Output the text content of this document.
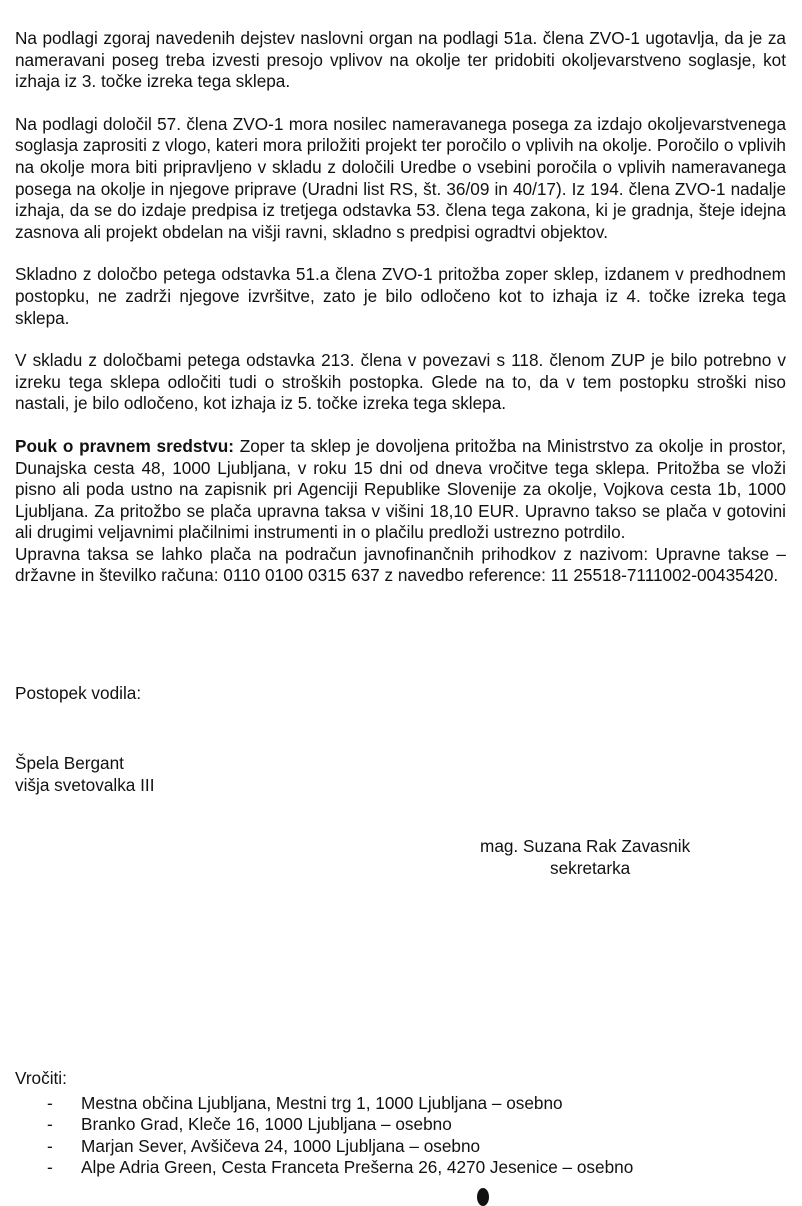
Na podlagi zgoraj navedenih dejstev naslovni organ na podlagi 51a. člena ZVO-1 ugotavlja, da je za nameravani poseg treba izvesti presojo vplivov na okolje ter pridobiti okoljevarstveno soglasje, kot izhaja iz 3. točke izreka tega sklepa.

Na podlagi določil 57. člena ZVO-1 mora nosilec nameravanega posega za izdajo okoljevarstvenega soglasja zaprositi z vlogo, kateri mora priložiti projekt ter poročilo o vplivih na okolje. Poročilo o vplivih na okolje mora biti pripravljeno v skladu z določili Uredbe o vsebini poročila o vplivih nameravanega posega na okolje in njegove priprave (Uradni list RS, št. 36/09 in 40/17). Iz 194. člena ZVO-1 nadalje izhaja, da se do izdaje predpisa iz tretjega odstavka 53. člena tega zakona, ki je gradnja, šteje idejna zasnova ali projekt obdelan na višji ravni, skladno s predpisi ogradtvi objektov.

Skladno z določbo petega odstavka 51.a člena ZVO-1 pritožba zoper sklep, izdanem v predhodnem postopku, ne zadrži njegove izvršitve, zato je bilo odločeno kot to izhaja iz 4. točke izreka tega sklepa.

V skladu z določbami petega odstavka 213. člena v povezavi s 118. členom ZUP je bilo potrebno v izreku tega sklepa odločiti tudi o stroških postopka. Glede na to, da v tem postopku stroški niso nastali, je bilo odločeno, kot izhaja iz 5. točke izreka tega sklepa.

Pouk o pravnem sredstvu: Zoper ta sklep je dovoljena pritožba na Ministrstvo za okolje in prostor, Dunajska cesta 48, 1000 Ljubljana, v roku 15 dni od dneva vročitve tega sklepa. Pritožba se vloži pisno ali poda ustno na zapisnik pri Agenciji Republike Slovenije za okolje, Vojkova cesta 1b, 1000 Ljubljana. Za pritožbo se plača upravna taksa v višini 18,10 EUR. Upravno takso se plača v gotovini ali drugimi veljavnimi plačilnimi instrumenti in o plačilu predloži ustrezno potrdilo.

Upravna taksa se lahko plača na podračun javnofinančnih prihodkov z nazivom: Upravne takse – državne in številko računa: 0110 0100 0315 637 z navedbo reference: 11 25518-7111002-00435420.

Postopek vodila:
Špela Bergant
višja svetovalka III
mag. Suzana Rak Zavasnik
sekretarka
Vročiti:
- Mestna občina Ljubljana, Mestni trg 1, 1000 Ljubljana – osebno
- Branko Grad, Kleče 16, 1000 Ljubljana – osebno
- Marjan Sever, Avšičeva 24, 1000 Ljubljana – osebno
- Alpe Adria Green, Cesta Franceta Prešerna 26, 4270 Jesenice – osebno
